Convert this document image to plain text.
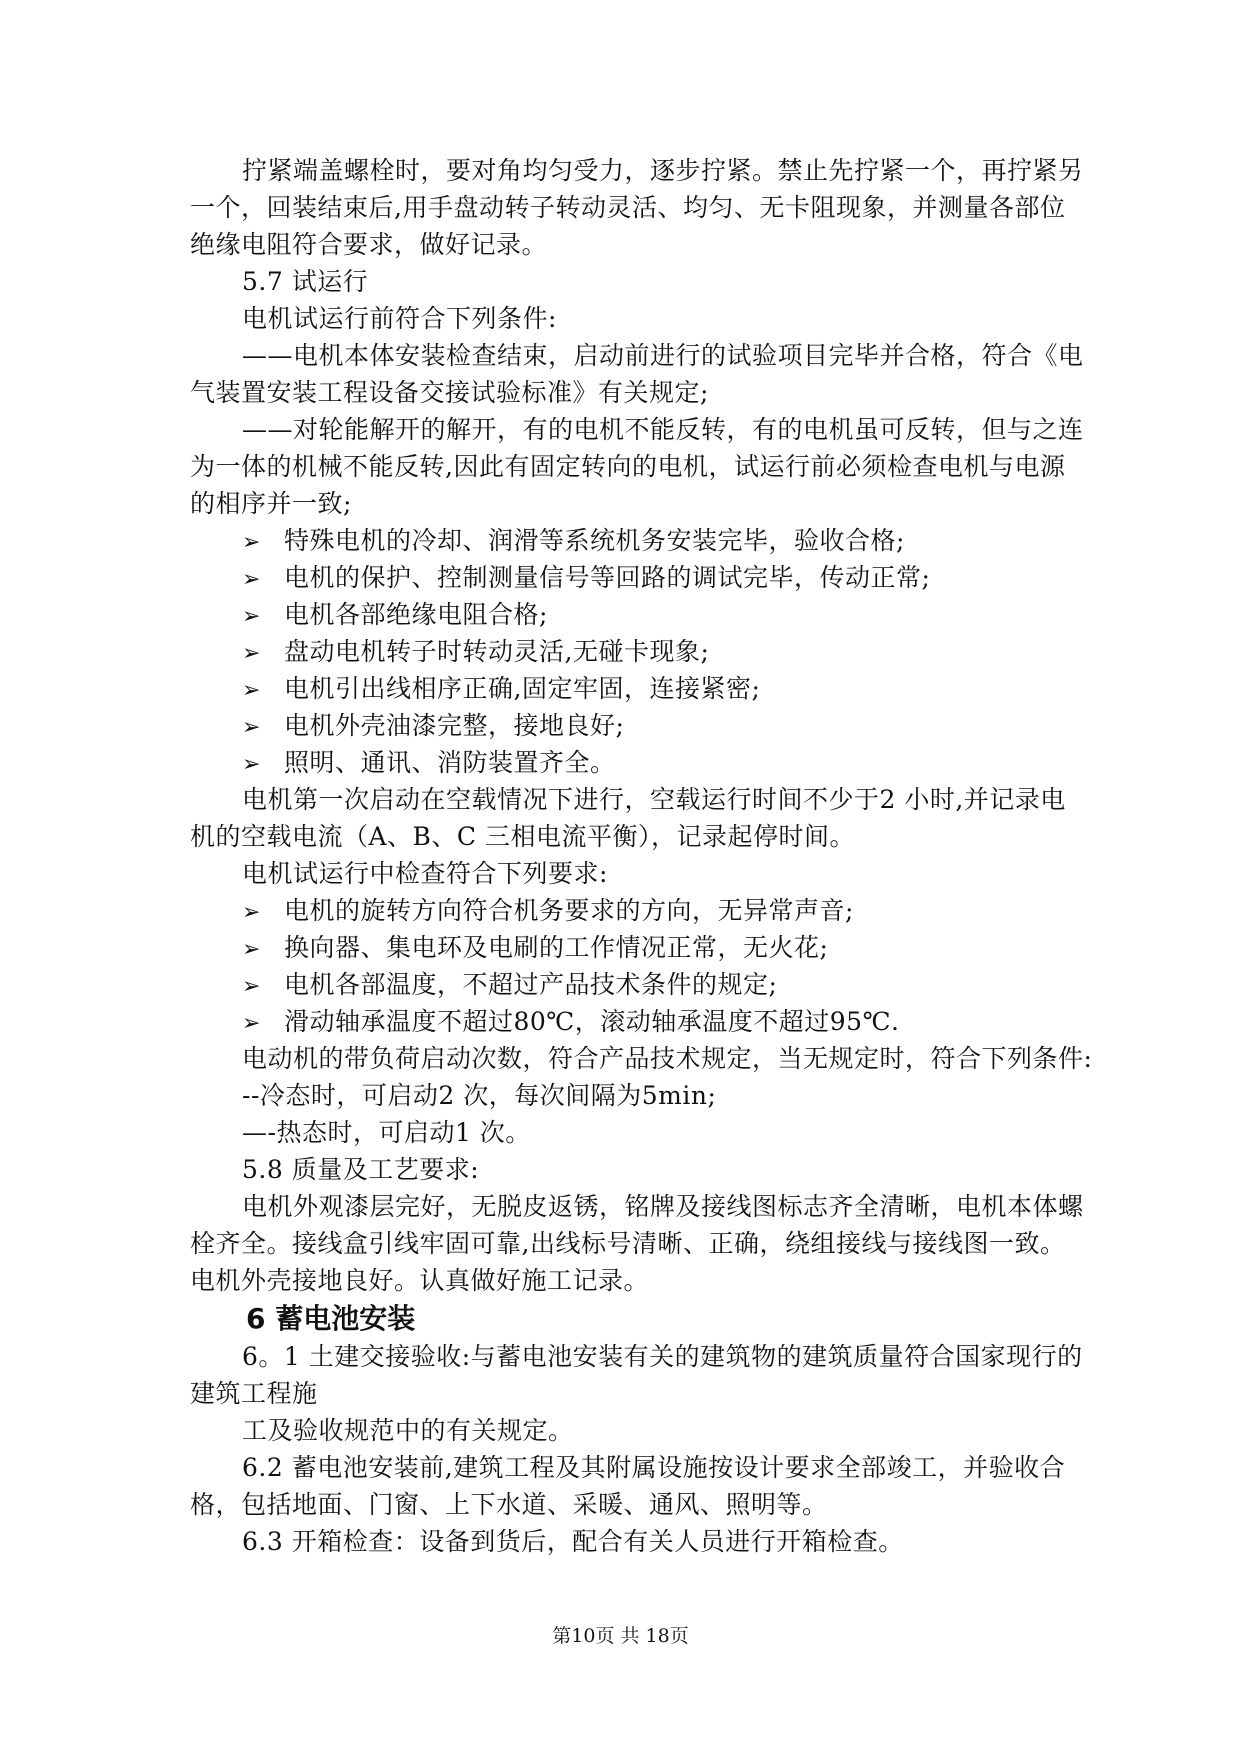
拧紧端盖螺栓时，要对角均匀受力，逐步拧紧。禁止先拧紧一个，再拧紧另
一个，回装结束后,用手盘动转子转动灵活、均匀、无卡阻现象，并测量各部位
绝缘电阻符合要求，做好记录。
5.7 试运行
电机试运行前符合下列条件:
——电机本体安装检查结束，启动前进行的试验项目完毕并合格，符合《电
气装置安装工程设备交接试验标准》有关规定;
——对轮能解开的解开，有的电机不能反转，有的电机虽可反转，但与之连
为一体的机械不能反转,因此有固定转向的电机，试运行前必须检查电机与电源
的相序并一致;
➢ 特殊电机的冷却、润滑等系统机务安装完毕，验收合格;
➢ 电机的保护、控制测量信号等回路的调试完毕，传动正常;
➢ 电机各部绝缘电阻合格;
➢ 盘动电机转子时转动灵活,无碰卡现象;
➢ 电机引出线相序正确,固定牢固，连接紧密;
➢ 电机外壳油漆完整，接地良好;
➢ 照明、通讯、消防装置齐全。
电机第一次启动在空载情况下进行，空载运行时间不少于2 小时,并记录电
机的空载电流（A、B、C 三相电流平衡），记录起停时间。
电机试运行中检查符合下列要求:
➢ 电机的旋转方向符合机务要求的方向，无异常声音;
➢ 换向器、集电环及电刷的工作情况正常，无火花;
➢ 电机各部温度，不超过产品技术条件的规定;
➢ 滑动轴承温度不超过80℃，滚动轴承温度不超过95℃.
电动机的带负荷启动次数，符合产品技术规定，当无规定时，符合下列条件:
--冷态时，可启动2 次，每次间隔为5min;
—-热态时，可启动1 次。
5.8 质量及工艺要求:
电机外观漆层完好，无脱皮返锈，铭牌及接线图标志齐全清晰，电机本体螺
栓齐全。接线盒引线牢固可靠,出线标号清晰、正确，绕组接线与接线图一致。
电机外壳接地良好。认真做好施工记录。
6 蓄电池安装
6。1 土建交接验收:与蓄电池安装有关的建筑物的建筑质量符合国家现行的
建筑工程施
工及验收规范中的有关规定。
6.2 蓄电池安装前,建筑工程及其附属设施按设计要求全部竣工，并验收合
格，包括地面、门窗、上下水道、采暖、通风、照明等。
6.3 开箱检查：设备到货后，配合有关人员进行开箱检查。
第10页 共 18页
